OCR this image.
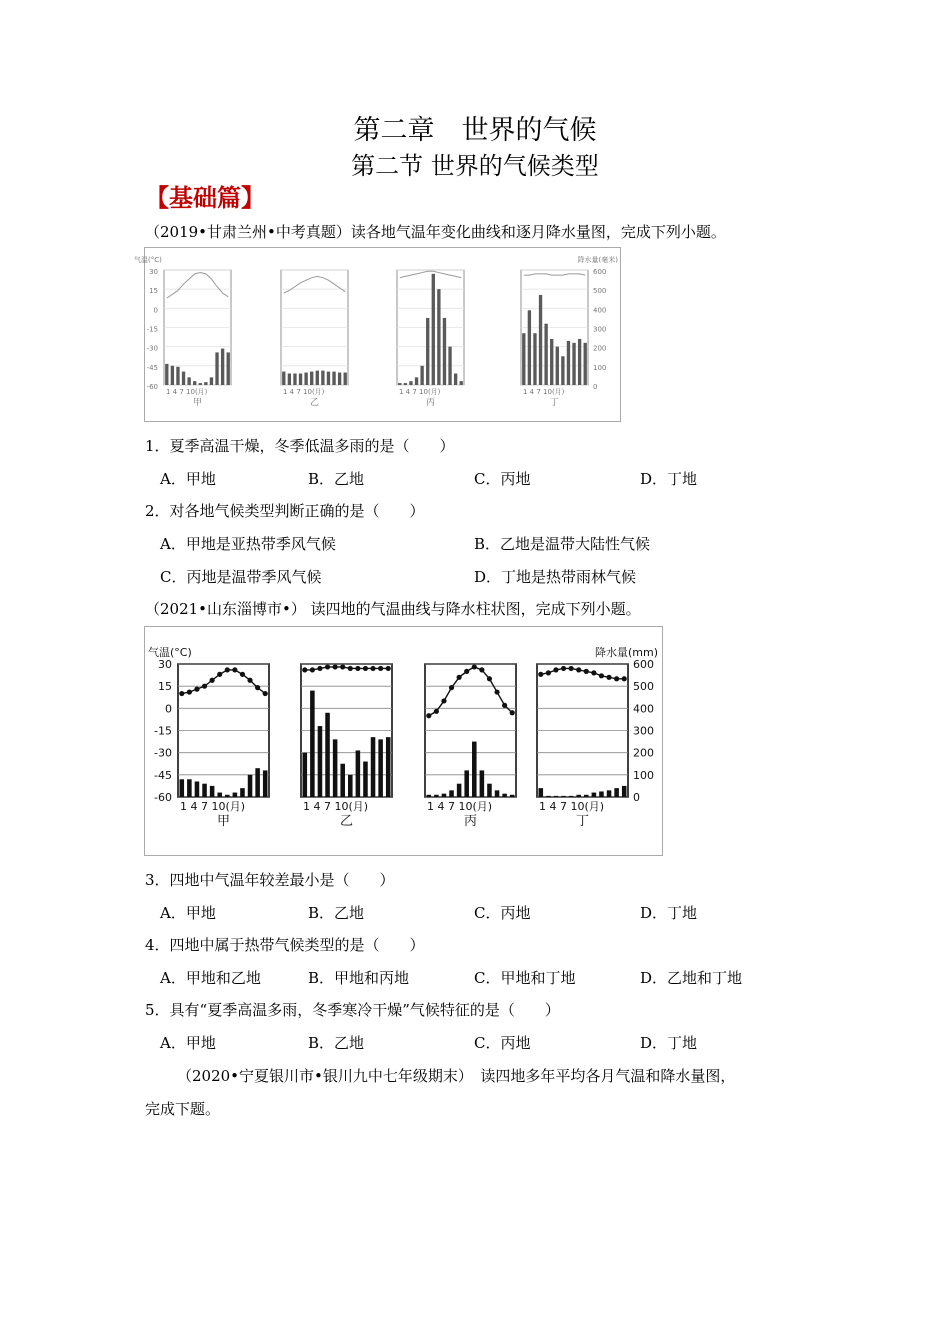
第二章　世界的气候
第二节 世界的气候类型
【基础篇】
（2019•甘肃兰州•中考真题）读各地气温年变化曲线和逐月降水量图，完成下列小题。
气温(°C)	降水量(毫米)
30
15
0
-15
-30
-45
-60
600
500
400
300
200
100
0
1 4 7 10(月)
甲
1 4 7 10(月)
乙
1 4 7 10(月)
丙
1 4 7 10(月)
丁
1．夏季高温干燥，冬季低温多雨的是（　　）
A．甲地	B．乙地	C．丙地	D．丁地
2．对各地气候类型判断正确的是（　　）
A．甲地是亚热带季风气候	B．乙地是温带大陆性气候
C．丙地是温带季风气候	D．丁地是热带雨林气候
（2021•山东淄博市•） 读四地的气温曲线与降水柱状图，完成下列小题。
气温(°C)	降水量(mm)
30
15
0
-15
-30
-45
-60
600
500
400
300
200
100
0
1 4 7 10(月)
甲
1 4 7 10(月)
乙
1 4 7 10(月)
丙
1 4 7 10(月)
丁
3．四地中气温年较差最小是（　　）
A．甲地	B．乙地	C．丙地	D．丁地
4．四地中属于热带气候类型的是（　　）
A．甲地和乙地	B．甲地和丙地	C．甲地和丁地	D．乙地和丁地
5．具有“夏季高温多雨，冬季寒冷干燥”气候特征的是（　　）
A．甲地	B．乙地	C．丙地	D．丁地
（2020•宁夏银川市•银川九中七年级期末）　读四地多年平均各月气温和降水量图，
完成下题。
